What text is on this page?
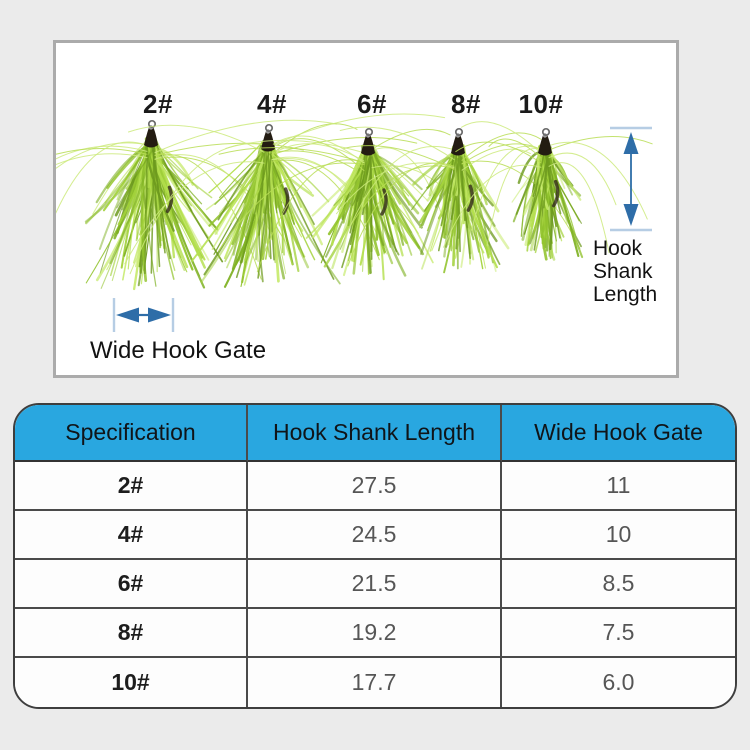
2#	4#	6#	8#	10#
Hook
Shank
Length
Wide Hook Gate
Specification	Hook Shank Length	Wide Hook Gate
2#	27.5	11
4#	24.5	10
6#	21.5	8.5
8#	19.2	7.5
10#	17.7	6.0
